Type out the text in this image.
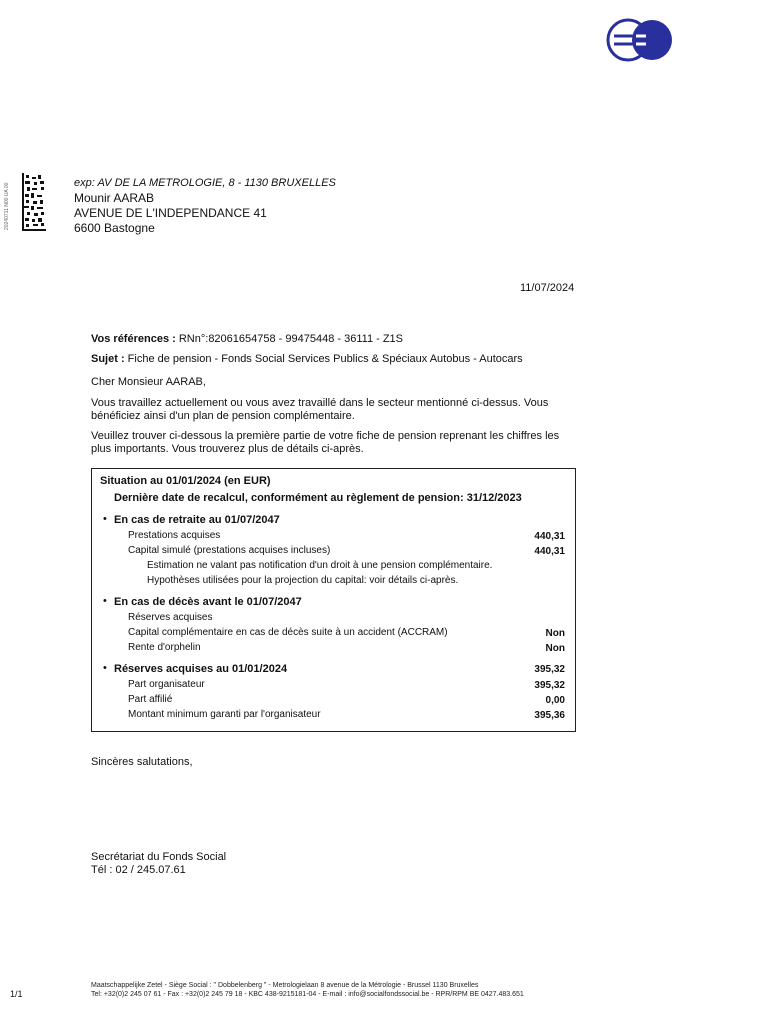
20240711 N00 UA 00	exp: AV DE LA METROLOGIE, 8 - 1130 BRUXELLES
Mounir AARAB
AVENUE DE L'INDEPENDANCE 41
6600 Bastogne
11/07/2024
Vos références : RNn°:82061654758 - 99475448 - 36111 - Z1S
Sujet : Fiche de pension - Fonds Social Services Publics & Spéciaux Autobus - Autocars
Cher Monsieur AARAB,
Vous travaillez actuellement ou vous avez travaillé dans le secteur mentionné ci-dessus. Vous bénéficiez ainsi d'un plan de pension complémentaire.
Veuillez trouver ci-dessous la première partie de votre fiche de pension reprenant les chiffres les plus importants. Vous trouverez plus de détails ci-après.
Situation au 01/01/2024 (en EUR)
Dernière date de recalcul, conformément au règlement de pension: 31/12/2023
• En cas de retraite au 01/07/2047
Prestations acquises	440,31
Capital simulé (prestations acquises incluses)	440,31
Estimation ne valant pas notification d'un droit à une pension complémentaire.
Hypothèses utilisées pour la projection du capital: voir détails ci-après.
• En cas de décès avant le 01/07/2047
Réserves acquises
Capital complémentaire en cas de décès suite à un accident (ACCRAM)	Non
Rente d'orphelin	Non
• Réserves acquises au 01/01/2024	395,32
Part organisateur	395,32
Part affilié	0,00
Montant minimum garanti par l'organisateur	395,36
Sincères salutations,
Secrétariat du Fonds Social
Tél : 02 / 245.07.61
Maatschappelijke Zetel - Siège Social : " Dobbelenberg " - Metrologielaan 8 avenue de la Métrologie - Brussel 1130 Bruxelles
Tel: +32(0)2 245 07 61 - Fax : +32(0)2 245 79 18 - KBC 438-9215181-04 - E-mail : info@socialfondssocial.be - RPR/RPM BE 0427.483.651
1/1
